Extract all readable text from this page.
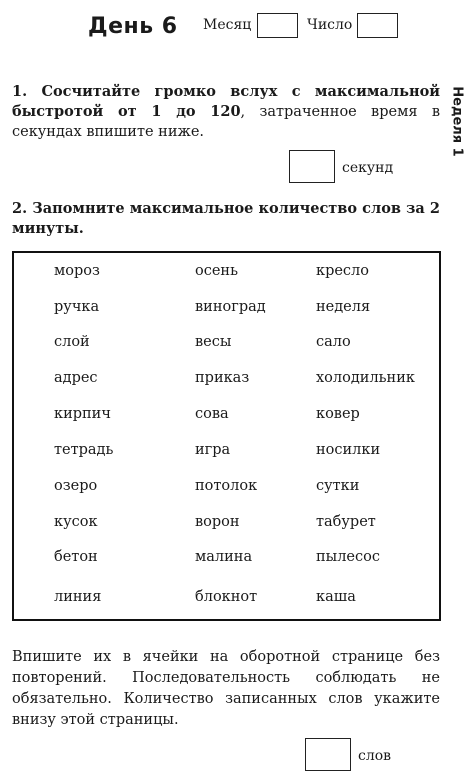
День 6 Месяц	Число
Неделя 1
1. Сосчитайте громко вслух с максимальной быстротой от 1 до 120, затраченное время в секундах впишите ниже.
секунд
2. Запомните максимальное количество слов за 2 минуты.
мороз	осень	кресло
ручка	виноград	неделя
слой	весы	сало
адрес	приказ	холодильник
кирпич	сова	ковер
тетрадь	игра	носилки
озеро	потолок	сутки
кусок	ворон	табурет
бетон	малина	пылесос
линия	блокнот	каша
Впишите их в ячейки на оборотной странице без повторений. Последовательность соблюдать не обязательно. Количество записанных слов укажите внизу этой страницы.
слов
